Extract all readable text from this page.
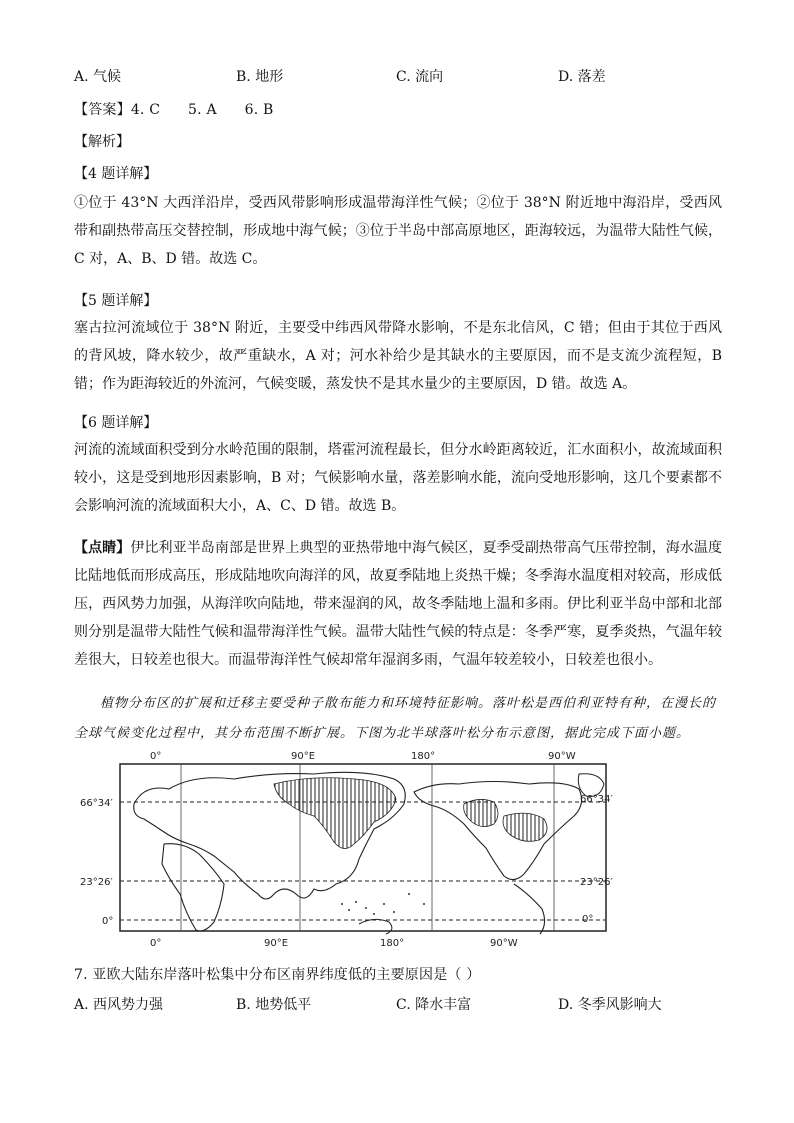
A. 气候	B. 地形	C. 流向	D. 落差
【答案】4. C      5. A      6. B
【解析】
【4 题详解】
①位于 43°N 大西洋沿岸，受西风带影响形成温带海洋性气候；②位于 38°N 附近地中海沿岸，受西风带和副热带高压交替控制，形成地中海气候；③位于半岛中部高原地区，距海较远，为温带大陆性气候，C 对，A、B、D 错。故选 C。
【5 题详解】
塞古拉河流域位于 38°N 附近，主要受中纬西风带降水影响，不是东北信风，C 错；但由于其位于西风的背风坡，降水较少，故严重缺水，A 对；河水补给少是其缺水的主要原因，而不是支流少流程短，B 错；作为距海较近的外流河，气候变暖，蒸发快不是其水量少的主要原因，D 错。故选 A。
【6 题详解】
河流的流域面积受到分水岭范围的限制，塔霍河流程最长，但分水岭距离较近，汇水面积小，故流域面积较小，这是受到地形因素影响，B 对；气候影响水量，落差影响水能，流向受地形影响，这几个要素都不会影响河流的流域面积大小，A、C、D 错。故选 B。
【点睛】伊比利亚半岛南部是世界上典型的亚热带地中海气候区，夏季受副热带高气压带控制，海水温度比陆地低而形成高压，形成陆地吹向海洋的风，故夏季陆地上炎热干燥；冬季海水温度相对较高，形成低压，西风势力加强，从海洋吹向陆地，带来湿润的风，故冬季陆地上温和多雨。伊比利亚半岛中部和北部则分别是温带大陆性气候和温带海洋性气候。温带大陆性气候的特点是：冬季严寒，夏季炎热，气温年较差很大，日较差也很大。而温带海洋性气候却常年湿润多雨，气温年较差较小，日较差也很小。
植物分布区的扩展和迁移主要受种子散布能力和环境特征影响。落叶松是西伯利亚特有种，在漫长的
全球气候变化过程中，其分布范围不断扩展。下图为北半球落叶松分布示意图，据此完成下面小题。
0°	90°E	180°	90°W
0°	90°E	180°	90°W
66°34′
23°26′
0°
66°34′
23°26′
0°
7. 亚欧大陆东岸落叶松集中分布区南界纬度低的主要原因是（ ）
A. 西风势力强	B. 地势低平	C. 降水丰富	D. 冬季风影响大
